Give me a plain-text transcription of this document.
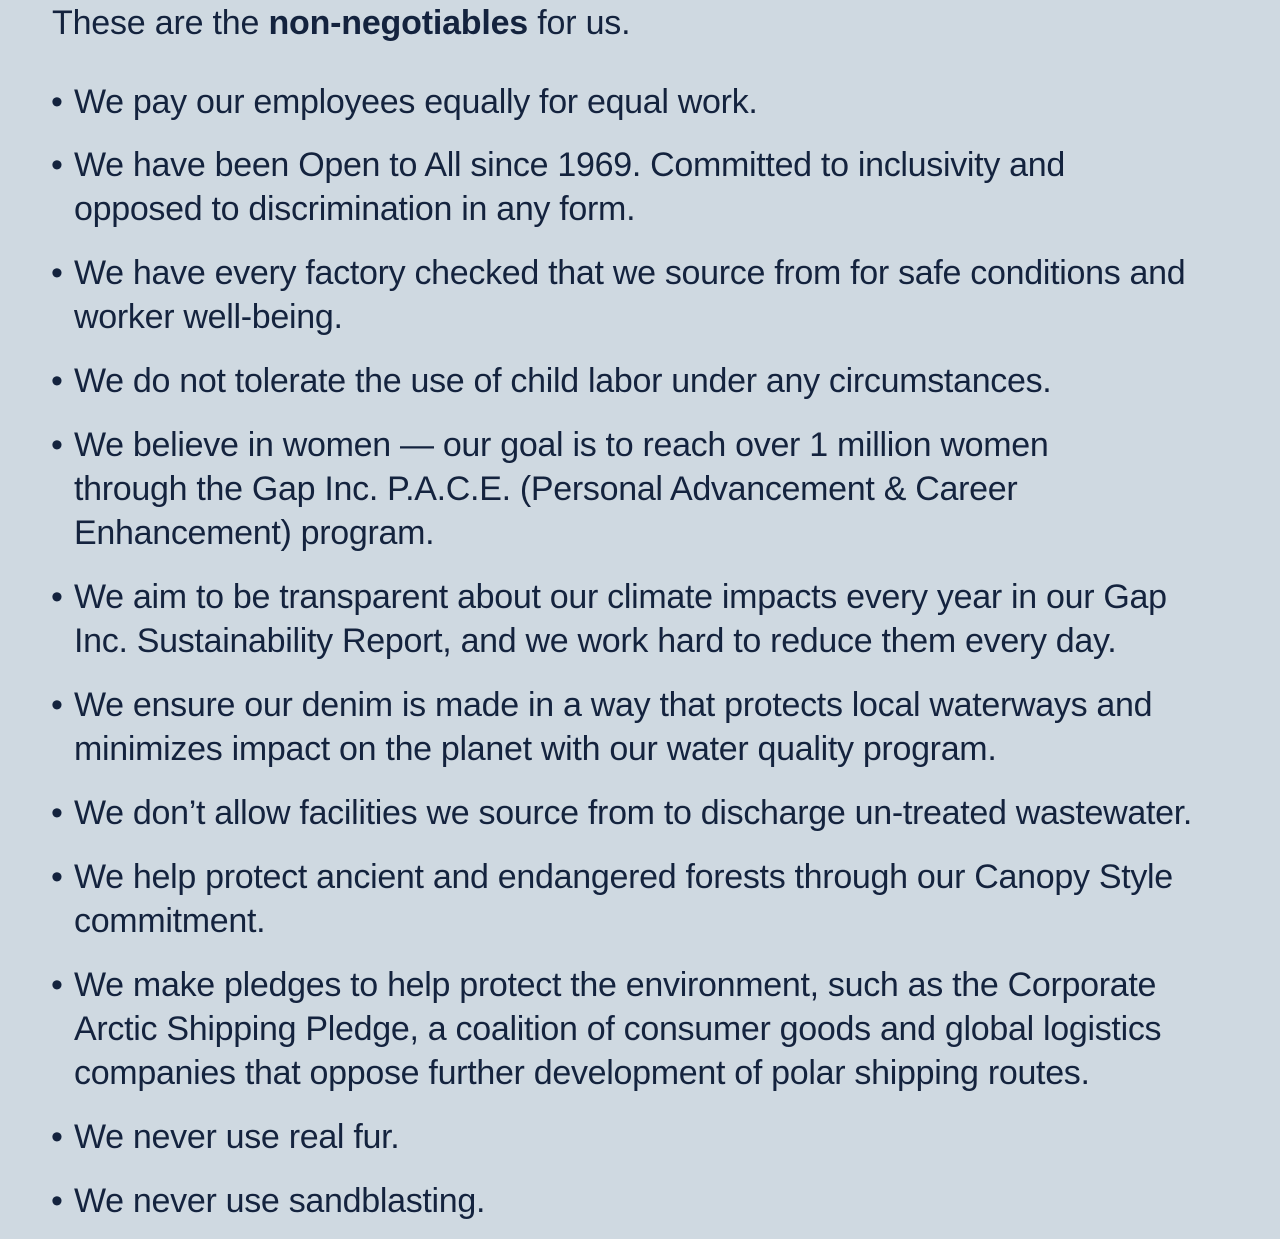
These are the non-negotiables for us.
• We pay our employees equally for equal work.
• We have been Open to All since 1969. Committed to inclusivity and
opposed to discrimination in any form.
• We have every factory checked that we source from for safe conditions and
worker well-being.
• We do not tolerate the use of child labor under any circumstances.
• We believe in women — our goal is to reach over 1 million women
through the Gap Inc. P.A.C.E. (Personal Advancement & Career
Enhancement) program.
• We aim to be transparent about our climate impacts every year in our Gap
Inc. Sustainability Report, and we work hard to reduce them every day.
• We ensure our denim is made in a way that protects local waterways and
minimizes impact on the planet with our water quality program.
• We don’t allow facilities we source from to discharge un-treated wastewater.
• We help protect ancient and endangered forests through our Canopy Style
commitment.
• We make pledges to help protect the environment, such as the Corporate
Arctic Shipping Pledge, a coalition of consumer goods and global logistics
companies that oppose further development of polar shipping routes.
• We never use real fur.
• We never use sandblasting.
